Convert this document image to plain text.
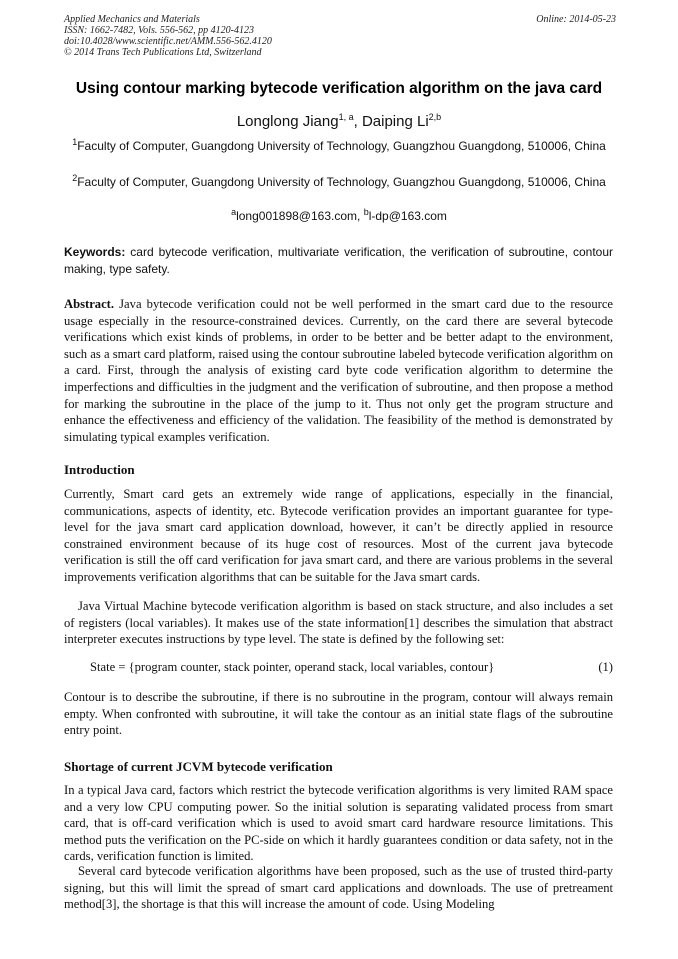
Applied Mechanics and Materials
ISSN: 1662-7482, Vols. 556-562, pp 4120-4123
doi:10.4028/www.scientific.net/AMM.556-562.4120
© 2014 Trans Tech Publications Ltd, Switzerland
Online: 2014-05-23
Using contour marking bytecode verification algorithm on the java card
Longlong Jiang$^{1, a}$, Daiping Li$^{2,b}$
$^1$Faculty of Computer, Guangdong University of Technology, Guangzhou Guangdong, 510006, China
$^2$Faculty of Computer, Guangdong University of Technology, Guangzhou Guangdong, 510006, China
$^a$long001898@163.com, $^b$l-dp@163.com
Keywords: card bytecode verification, multivariate verification, the verification of subroutine, contour making, type safety.

Abstract. Java bytecode verification could not be well performed in the smart card due to the resource usage especially in the resource-constrained devices. Currently, on the card there are several bytecode verifications which exist kinds of problems, in order to be better and be better adapt to the environment, such as a smart card platform, raised using the contour subroutine labeled bytecode verification algorithm on a card. First, through the analysis of existing card byte code verification algorithm to determine the imperfections and difficulties in the judgment and the verification of subroutine, and then propose a method for marking the subroutine in the place of the jump to it. Thus not only get the program structure and enhance the effectiveness and efficiency of the validation. The feasibility of the method is demonstrated by simulating typical examples verification.

Introduction

Currently, Smart card gets an extremely wide range of applications, especially in the financial, communications, aspects of identity, etc. Bytecode verification provides an important guarantee for type-level for the java smart card application download, however, it can’t be directly applied in resource constrained environment because of its huge cost of resources. Most of the current java bytecode verification is still the off card verification for java smart card, and there are various problems in the several improvements verification algorithms that can be suitable for the Java smart cards.

Java Virtual Machine bytecode verification algorithm is based on stack structure, and also includes a set of registers (local variables). It makes use of the state information[1] describes the simulation that abstract interpreter executes instructions by type level. The state is defined by the following set:

State = {program counter, stack pointer, operand stack, local variables, contour}	(1)

Contour is to describe the subroutine, if there is no subroutine in the program, contour will always remain empty. When confronted with subroutine, it will take the contour as an initial state flags of the subroutine entry point.

Shortage of current JCVM bytecode verification

In a typical Java card, factors which restrict the bytecode verification algorithms is very limited RAM space and a very low CPU computing power. So the initial solution is separating validated process from smart card, that is off-card verification which is used to avoid smart card hardware resource limitations. This method puts the verification on the PC-side on which it hardly guarantees condition or data safety, not in the cards, verification function is limited.

Several card bytecode verification algorithms have been proposed, such as the use of trusted third-party signing, but this will limit the spread of smart card applications and downloads. The use of pretreament method[3], the shortage is that this will increase the amount of code. Using Modeling
